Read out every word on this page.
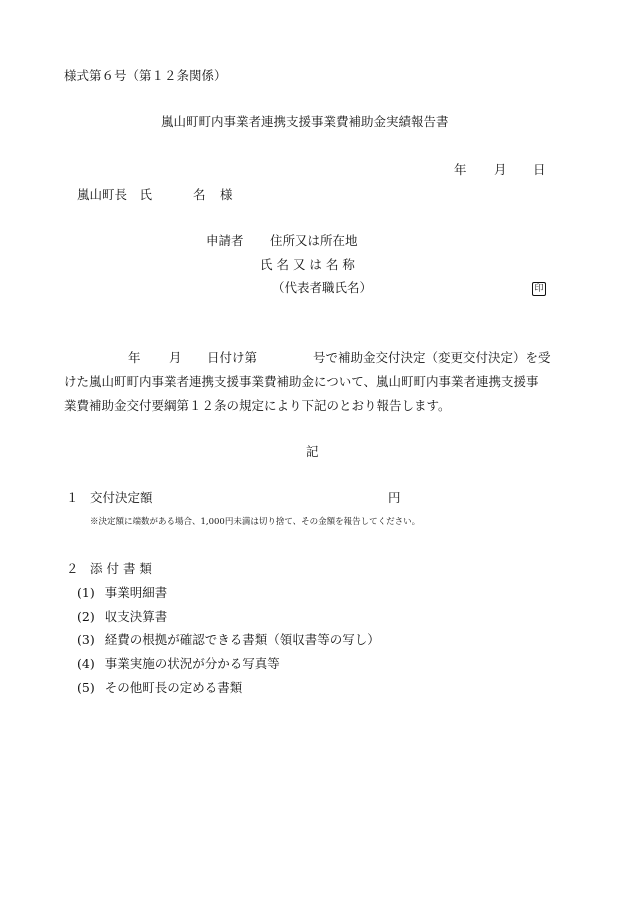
様式第６号（第１２条関係）
嵐山町町内事業者連携支援事業費補助金実績報告書
年 月 日
嵐山町長　氏	名 様
申請者 住所又は所在地
氏 名 又 は 名 称
（代表者職氏名）	印
年 月 日付け第	号で補助金交付決定（変更交付決定）を受
けた嵐山町町内事業者連携支援事業費補助金について、嵐山町町内事業者連携支援事
業費補助金交付要綱第１２条の規定により下記のとおり報告します。
記
１ 交付決定額	円
※決定額に端数がある場合、1,000円未満は切り捨て、その金額を報告してください。
２ 添 付 書 類
(1) 事業明細書
(2) 収支決算書
(3) 経費の根拠が確認できる書類（領収書等の写し）
(4) 事業実施の状況が分かる写真等
(5) その他町長の定める書類
